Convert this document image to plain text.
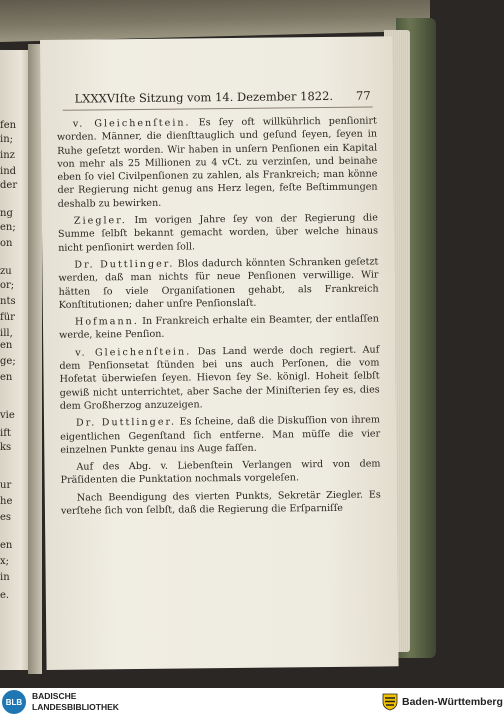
fen
in;
inz
ind
der
ng
en;
on
zu
or;
nts
für
ill,
en
ge;
en
vie
ift
ks
ur
he
es
en
x;
in
e.
LXXXVIſte Sitzung vom 14. Dezember 1822. 77

v. Gleichenſtein. Es ſey oft willkührlich penſionirt worden. Männer, die dienſttauglich und geſund ſeyen, ſeyen in Ruhe geſetzt worden. Wir haben in unſern Penſionen ein Kapital von mehr als 25 Millionen zu 4 vCt. zu verzinſen, und beinahe eben ſo viel Civilpenſionen zu zahlen, als Frankreich; man könne der Regierung nicht genug ans Herz legen, feſte Beſtimmungen deshalb zu bewirken.

Ziegler. Im vorigen Jahre ſey von der Regierung die Summe ſelbſt bekannt gemacht worden, über welche hinaus nicht penſionirt werden ſoll.

Dr. Duttlinger. Blos dadurch könnten Schranken geſetzt werden, daß man nichts für neue Penſionen verwillige. Wir hätten ſo viele Organiſationen gehabt, als Frankreich Konſtitutionen; daher unſre Penſionslaſt.

Hofmann. In Frankreich erhalte ein Beamter, der entlaſſen werde, keine Penſion.

v. Gleichenſtein. Das Land werde doch regiert. Auf dem Penſionsetat ſtünden bei uns auch Perſonen, die vom Hofetat überwieſen ſeyen. Hievon ſey Se. königl. Hoheit ſelbſt gewiß nicht unterrichtet, aber Sache der Miniſterien ſey es, dies dem Großherzog anzuzeigen.

Dr. Duttlinger. Es ſcheine, daß die Diskuſſion von ihrem eigentlichen Gegenſtand ſich entferne. Man müſſe die vier einzelnen Punkte genau ins Auge faſſen.

Auf des Abg. v. Liebenſtein Verlangen wird von dem Präſidenten die Punktation nochmals vorgeleſen.

Nach Beendigung des vierten Punkts, Sekretär Ziegler. Es verſtehe ſich von ſelbſt, daß die Regierung die Erſparniſſe

BLB
BADISCHE
LANDESBIBLIOTHEK	Baden-Württemberg
